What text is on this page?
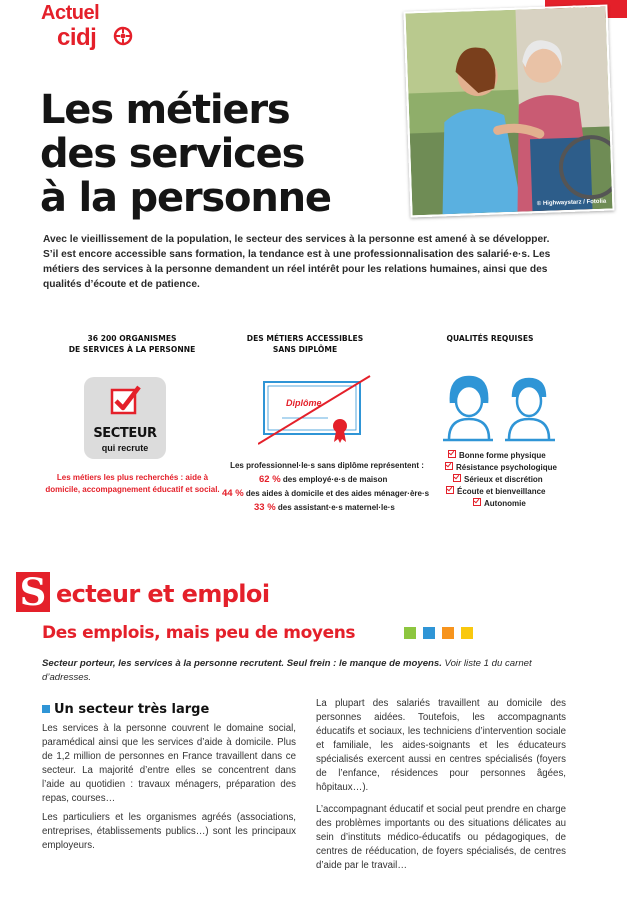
Actuel
cidj
© Highwaystarz / Fotolia
Les métiers
des services
à la personne

Avec le vieillissement de la population, le secteur des services à la personne est amené à se développer. S’il est encore accessible sans formation, la tendance est à une professionnalisation des salarié·e·s. Les métiers des services à la personne demandent un réel intérêt pour les relations humaines, ainsi que des qualités d’écoute et de patience.

36 200 ORGANISMES
DE SERVICES À LA PERSONNE
SECTEUR
qui recrute

Les métiers les plus recherchés : aide à domicile, accompagnement éducatif et social.

DES MÉTIERS ACCESSIBLES
SANS DIPLÔME
Diplôme
Les professionnel·le·s sans diplôme représentent :
62 % des employé·e·s de maison
44 % des aides à domicile et des aides ménager·ère·s
33 % des assistant·e·s maternel·le·s
QUALITÉS REQUISES
Bonne forme physique
Résistance psychologique
Sérieux et discrétion
Écoute et bienveillance
Autonomie
S ecteur et emploi
Des emplois, mais peu de moyens

Secteur porteur, les services à la personne recrutent. Seul frein : le manque de moyens. Voir liste 1 du carnet d’adresses.

Un secteur très large

Les services à la personne couvrent le domaine social, paramédical ainsi que les services d’aide à domicile. Plus de 1,2 million de personnes en France travaillent dans ce secteur. La majorité d’entre elles se concentrent dans l’aide au quotidien : travaux ménagers, préparation des repas, courses…

Les particuliers et les organismes agréés (associations, entreprises, établissements publics…) sont les principaux employeurs.

La plupart des salariés travaillent au domicile des personnes aidées. Toutefois, les accompagnants éducatifs et sociaux, les techniciens d’intervention sociale et familiale, les aides-soignants et les éducateurs spécialisés exercent aussi en centres spécialisés (foyers de l’enfance, résidences pour personnes âgées, hôpitaux…).

L’accompagnant éducatif et social peut prendre en charge des problèmes importants ou des situations délicates au sein d’instituts médico-éducatifs ou pédagogiques, de centres de rééducation, de foyers spécialisés, de centres d’aide par le travail…
